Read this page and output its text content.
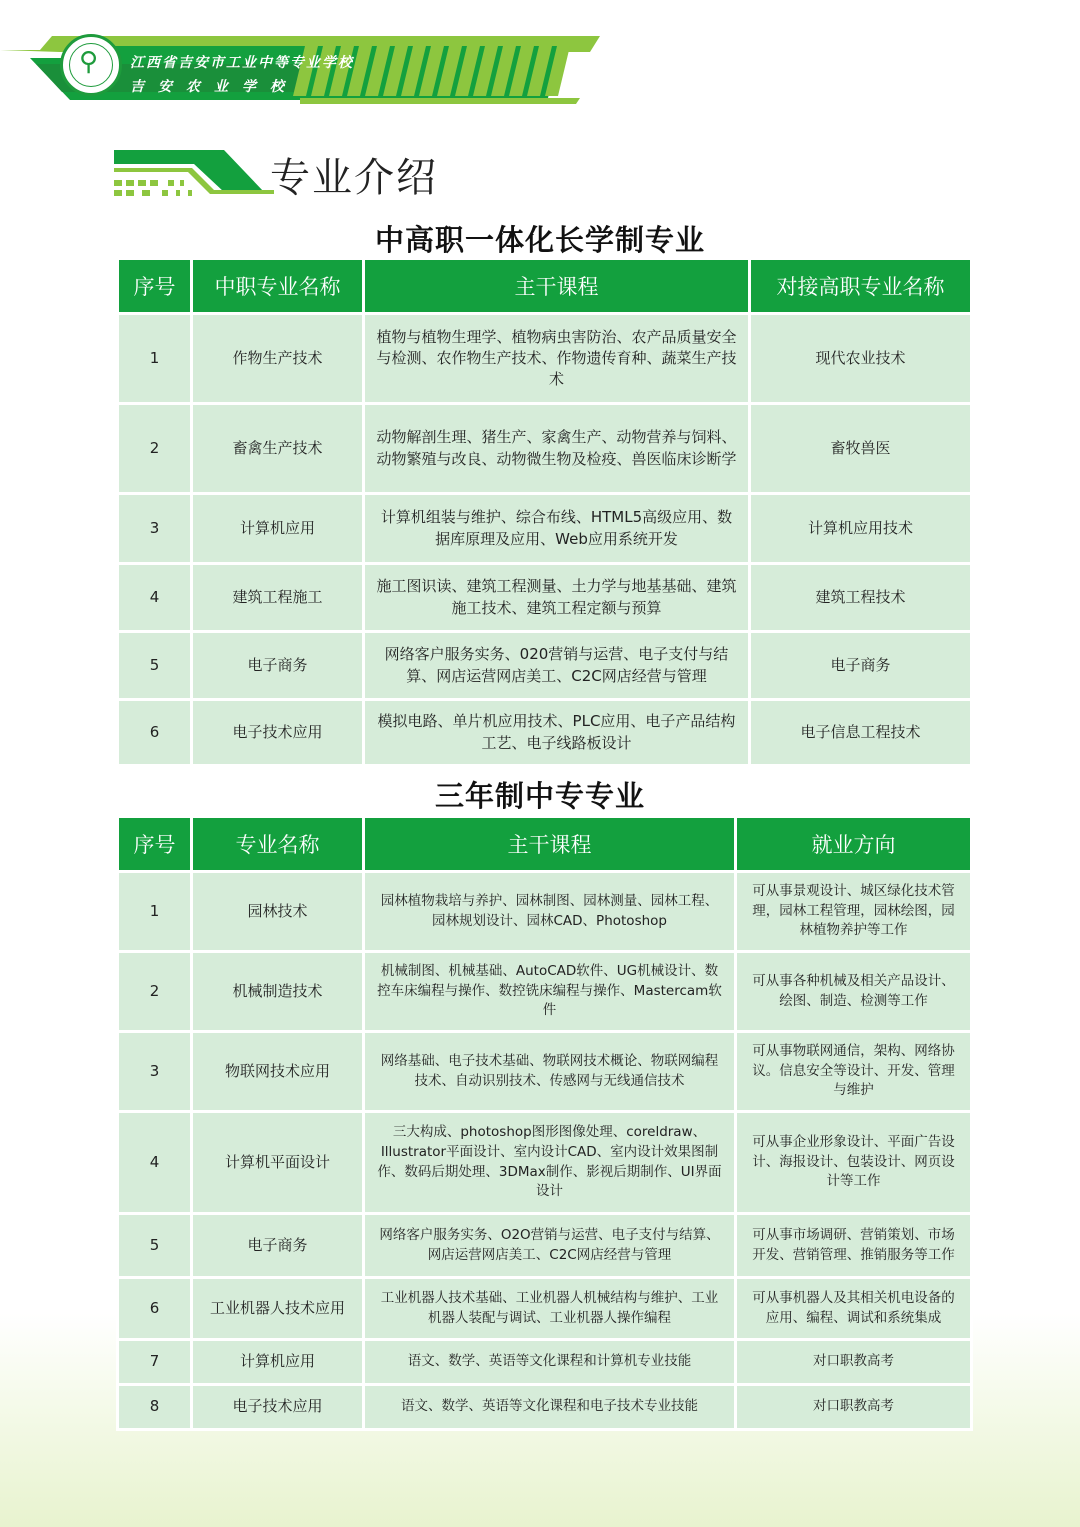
⚲ 江西省吉安市工业中等专业学校
吉安农业学校
专业介绍
中高职一体化长学制专业
序号	中职专业名称	主干课程	对接高职专业名称
1	作物生产技术	植物与植物生理学、植物病虫害防治、农产品质量安全与检测、农作物生产技术、作物遗传育种、蔬菜生产技术	现代农业技术
2	畜禽生产技术	动物解剖生理、猪生产、家禽生产、动物营养与饲料、动物繁殖与改良、动物微生物及检疫、兽医临床诊断学	畜牧兽医
3	计算机应用	计算机组装与维护、综合布线、HTML5高级应用、数据库原理及应用、Web应用系统开发	计算机应用技术
4	建筑工程施工	施工图识读、建筑工程测量、土力学与地基基础、建筑施工技术、建筑工程定额与预算	建筑工程技术
5	电子商务	网络客户服务实务、020营销与运营、电子支付与结算、网店运营网店美工、C2C网店经营与管理	电子商务
6	电子技术应用	模拟电路、单片机应用技术、PLC应用、电子产品结构工艺、电子线路板设计	电子信息工程技术
三年制中专专业
序号	专业名称	主干课程	就业方向
1	园林技术	园林植物栽培与养护、园林制图、园林测量、园林工程、园林规划设计、园林CAD、Photoshop	可从事景观设计、城区绿化技术管理，园林工程管理，园林绘图，园林植物养护等工作
2	机械制造技术	机械制图、机械基础、AutoCAD软件、UG机械设计、数控车床编程与操作、数控铣床编程与操作、Mastercam软件	可从事各种机械及相关产品设计、绘图、制造、检测等工作
3	物联网技术应用	网络基础、电子技术基础、物联网技术概论、物联网编程技术、自动识别技术、传感网与无线通信技术	可从事物联网通信，架构、网络协议。信息安全等设计、开发、管理与维护
4	计算机平面设计	三大构成、photoshop图形图像处理、coreldraw、Illustrator平面设计、室内设计CAD、室内设计效果图制作、数码后期处理、3DMax制作、影视后期制作、UI界面设计	可从事企业形象设计、平面广告设计、海报设计、包装设计、网页设计等工作
5	电子商务	网络客户服务实务、O2O营销与运营、电子支付与结算、网店运营网店美工、C2C网店经营与管理	可从事市场调研、营销策划、市场开发、营销管理、推销服务等工作
6	工业机器人技术应用	工业机器人技术基础、工业机器人机械结构与维护、工业机器人装配与调试、工业机器人操作编程	可从事机器人及其相关机电设备的应用、编程、调试和系统集成
7	计算机应用	语文、数学、英语等文化课程和计算机专业技能	对口职教高考
8	电子技术应用	语文、数学、英语等文化课程和电子技术专业技能	对口职教高考
